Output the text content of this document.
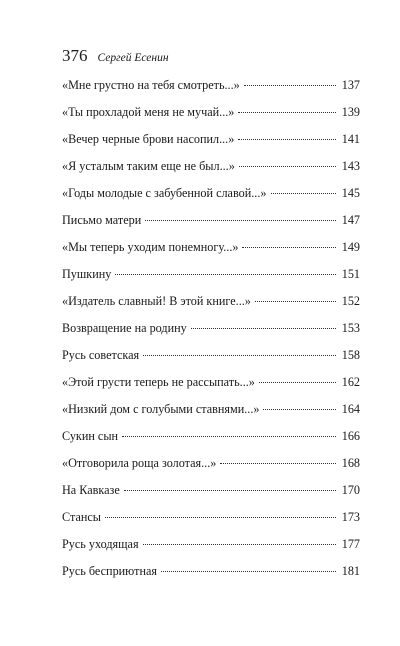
376 Сергей Есенин
«Мне грустно на тебя смотреть...»	137
«Ты прохладой меня не мучай...»	139
«Вечер черные брови насопил...»	141
«Я усталым таким еще не был...»	143
«Годы молодые с забубенной славой...»	145
Письмо матери	147
«Мы теперь уходим понемногу...»	149
Пушкину	151
«Издатель славный! В этой книге...»	152
Возвращение на родину	153
Русь советская	158
«Этой грусти теперь не рассыпать...»	162
«Низкий дом с голубыми ставнями...»	164
Сукин сын	166
«Отговорила роща золотая...»	168
На Кавказе	170
Стансы	173
Русь уходящая	177
Русь бесприютная	181
